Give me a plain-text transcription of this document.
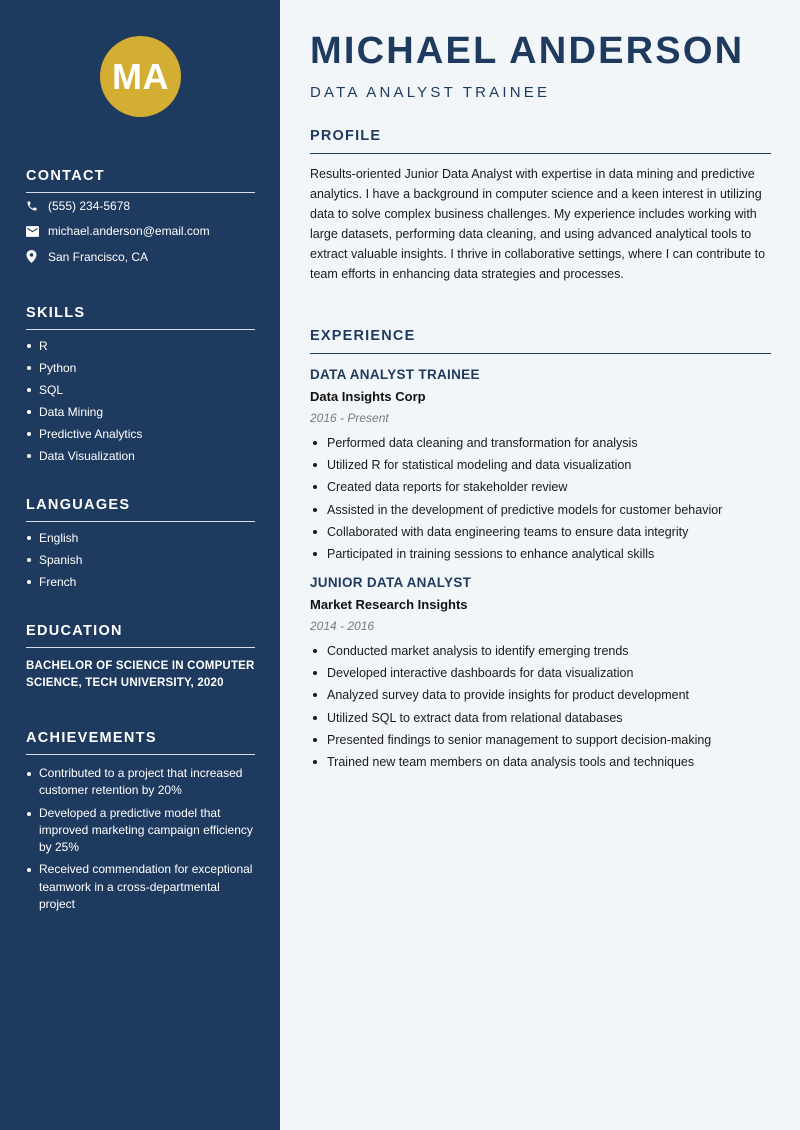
MA
CONTACT
(555) 234-5678
michael.anderson@email.com
San Francisco, CA
SKILLS
R
Python
SQL
Data Mining
Predictive Analytics
Data Visualization
LANGUAGES
English
Spanish
French
EDUCATION
BACHELOR OF SCIENCE IN COMPUTER SCIENCE, TECH UNIVERSITY, 2020
ACHIEVEMENTS
Contributed to a project that increased customer retention by 20%
Developed a predictive model that improved marketing campaign efficiency by 25%
Received commendation for exceptional teamwork in a cross-departmental project
MICHAEL ANDERSON
DATA ANALYST TRAINEE
PROFILE

Results-oriented Junior Data Analyst with expertise in data mining and predictive analytics. I have a background in computer science and a keen interest in utilizing data to solve complex business challenges. My experience includes working with large datasets, performing data cleaning, and using advanced analytical tools to extract valuable insights. I thrive in collaborative settings, where I can contribute to team efforts in enhancing data strategies and processes.

EXPERIENCE
DATA ANALYST TRAINEE
Data Insights Corp
2016 - Present
Performed data cleaning and transformation for analysis
Utilized R for statistical modeling and data visualization
Created data reports for stakeholder review
Assisted in the development of predictive models for customer behavior
Collaborated with data engineering teams to ensure data integrity
Participated in training sessions to enhance analytical skills
JUNIOR DATA ANALYST
Market Research Insights
2014 - 2016
Conducted market analysis to identify emerging trends
Developed interactive dashboards for data visualization
Analyzed survey data to provide insights for product development
Utilized SQL to extract data from relational databases
Presented findings to senior management to support decision-making
Trained new team members on data analysis tools and techniques
